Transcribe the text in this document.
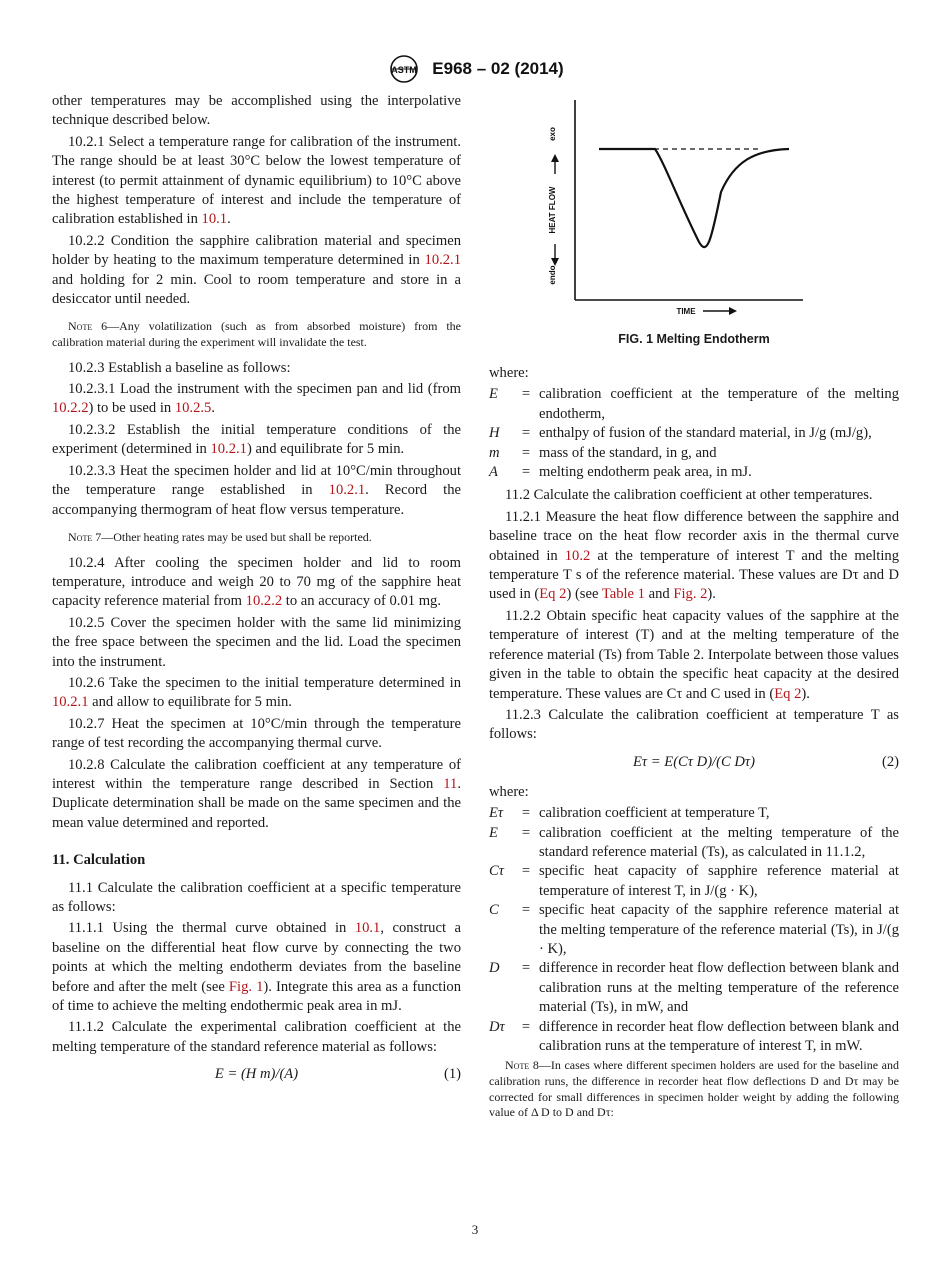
ASTM E968 – 02 (2014)

other temperatures may be accomplished using the interpolative technique described below.

10.2.1 Select a temperature range for calibration of the instrument. The range should be at least 30°C below the lowest temperature of interest (to permit attainment of dynamic equilibrium) to 10°C above the highest temperature of interest and include the temperature of calibration established in 10.1.

10.2.2 Condition the sapphire calibration material and specimen holder by heating to the maximum temperature determined in 10.2.1 and holding for 2 min. Cool to room temperature and store in a desiccator until needed.

Note 6—Any volatilization (such as from absorbed moisture) from the calibration material during the experiment will invalidate the test.

10.2.3 Establish a baseline as follows:

10.2.3.1 Load the instrument with the specimen pan and lid (from 10.2.2) to be used in 10.2.5.

10.2.3.2 Establish the initial temperature conditions of the experiment (determined in 10.2.1) and equilibrate for 5 min.

10.2.3.3 Heat the specimen holder and lid at 10°C/min throughout the temperature range established in 10.2.1. Record the accompanying thermogram of heat flow versus temperature.

Note 7—Other heating rates may be used but shall be reported.

10.2.4 After cooling the specimen holder and lid to room temperature, introduce and weigh 20 to 70 mg of the sapphire heat capacity reference material from 10.2.2 to an accuracy of 0.01 mg.

10.2.5 Cover the specimen holder with the same lid minimizing the free space between the specimen and the lid. Load the specimen into the instrument.

10.2.6 Take the specimen to the initial temperature determined in 10.2.1 and allow to equilibrate for 5 min.

10.2.7 Heat the specimen at 10°C/min through the temperature range of test recording the accompanying thermal curve.

10.2.8 Calculate the calibration coefficient at any temperature of interest within the temperature range described in Section 11. Duplicate determination shall be made on the same specimen and the mean value determined and reported.

11. Calculation

11.1 Calculate the calibration coefficient at a specific temperature as follows:

11.1.1 Using the thermal curve obtained in 10.1, construct a baseline on the differential heat flow curve by connecting the two points at which the melting endotherm deviates from the baseline before and after the melt (see Fig. 1). Integrate this area as a function of time to achieve the melting endothermic peak area in mJ.

11.1.2 Calculate the experimental calibration coefficient at the melting temperature of the standard reference material as follows:

E = (H m)/(A)	(1)
exo
HEAT FLOW
endo
TIME
FIG. 1 Melting Endotherm

where:

E	= calibration coefficient at the temperature of the melting endotherm,
H	= enthalpy of fusion of the standard material, in J/g (mJ/g),
m	= mass of the standard, in g, and
A	= melting endotherm peak area, in mJ.

11.2 Calculate the calibration coefficient at other temperatures.

11.2.1 Measure the heat flow difference between the sapphire and baseline trace on the heat flow recorder axis in the thermal curve obtained in 10.2 at the temperature of interest T and the melting temperature T s of the reference material. These values are Dτ and D used in (Eq 2) (see Table 1 and Fig. 2).

11.2.2 Obtain specific heat capacity values of the sapphire at the temperature of interest (T) and at the melting temperature of the reference material (Ts) from Table 2. Interpolate between those values given in the table to obtain the specific heat capacity at the desired temperature. These values are Cτ and C used in (Eq 2).

11.2.3 Calculate the calibration coefficient at temperature T as follows:

Eτ = E(Cτ D)/(C Dτ)	(2)

where:

Eτ	= calibration coefficient at temperature T,
E	= calibration coefficient at the melting temperature of the standard reference material (Ts), as calculated in 11.1.2,
Cτ	= specific heat capacity of sapphire reference material at temperature of interest T, in J/(g · K),
C	= specific heat capacity of the sapphire reference material at the melting temperature of the reference material (Ts), in J/(g · K),
D	= difference in recorder heat flow deflection between blank and calibration runs at the melting temperature of the reference material (Ts), in mW, and
Dτ	= difference in recorder heat flow deflection between blank and calibration runs at the temperature of interest T, in mW.
Note 8—In cases where different specimen holders are used for the baseline and calibration runs, the difference in recorder heat flow deflections D and Dτ may be corrected for small differences in specimen holder weight by adding the following value of Δ D to D and Dτ:
3
